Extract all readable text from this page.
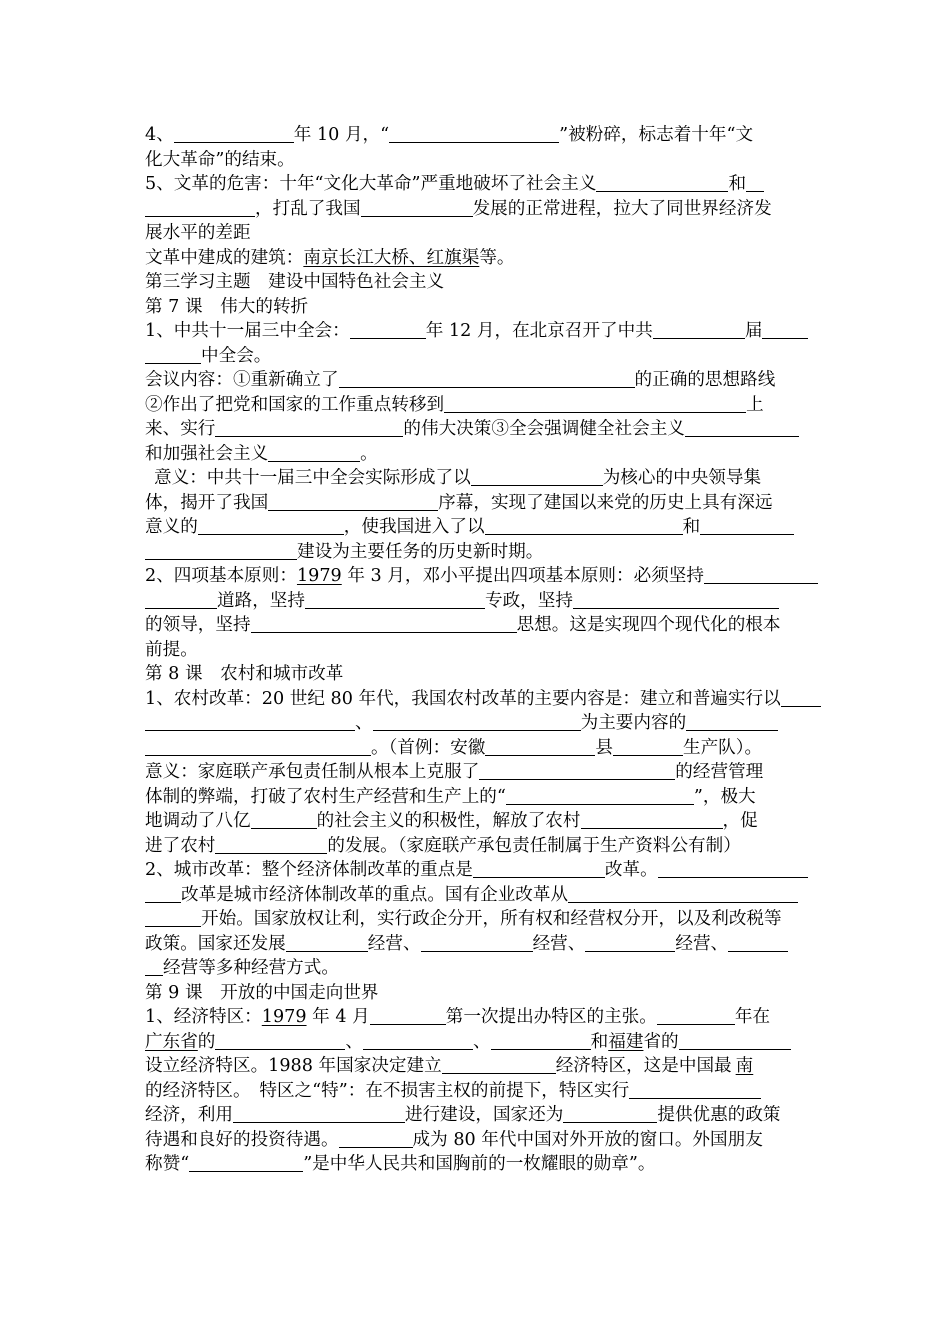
4、	年 10 月，“	”被粉碎，标志着十年“文
化大革命”的结束。
5、文革的危害：十年“文化大革命”严重地破坏了社会主义	和
，打乱了我国	发展的正常进程，拉大了同世界经济发
展水平的差距
文革中建成的建筑：南京长江大桥、红旗渠等。
第三学习主题　建设中国特色社会主义
第 7 课　伟大的转折
1、中共十一届三中全会：	年 12 月，在北京召开了中共	届
中全会。
会议内容：①重新确立了	的正确的思想路线
②作出了把党和国家的工作重点转移到	上
来、实行	的伟大决策③全会强调健全社会主义
和加强社会主义	。
意义：中共十一届三中全会实际形成了以	为核心的中央领导集
体，揭开了我国	序幕，实现了建国以来党的历史上具有深远
意义的	，使我国进入了以	和
建设为主要任务的历史新时期。
2、四项基本原则：1979 年 3 月，邓小平提出四项基本原则：必须坚持
道路，坚持	专政，坚持
的领导，坚持	思想。这是实现四个现代化的根本
前提。
第 8 课　农村和城市改革
1、农村改革：20 世纪 80 年代，我国农村改革的主要内容是：建立和普遍实行以
、	为主要内容的
。（首例：安徽	县	生产队）。
意义：家庭联产承包责任制从根本上克服了	的经营管理
体制的弊端，打破了农村生产经营和生产上的“	”，极大
地调动了八亿	的社会主义的积极性，解放了农村	，促
进了农村	的发展。（家庭联产承包责任制属于生产资料公有制）
2、城市改革：整个经济体制改革的重点是	改革。
改革是城市经济体制改革的重点。国有企业改革从
开始。国家放权让利，实行政企分开，所有权和经营权分开，以及利改税等
政策。国家还发展	经营、	经营、	经营、
经营等多种经营方式。
第 9 课　开放的中国走向世界
1、经济特区：1979 年 4 月	第一次提出办特区的主张。	年在
广东省的	、	、	和福建省的
设立经济特区。1988 年国家决定建立	经济特区，这是中国最 南
的经济特区。　特区之“特”：在不损害主权的前提下，特区实行
经济，利用	进行建设，国家还为	提供优惠的政策
待遇和良好的投资待遇。	成为 80 年代中国对外开放的窗口。外国朋友
称赞“	”是中华人民共和国胸前的一枚耀眼的勋章”。
